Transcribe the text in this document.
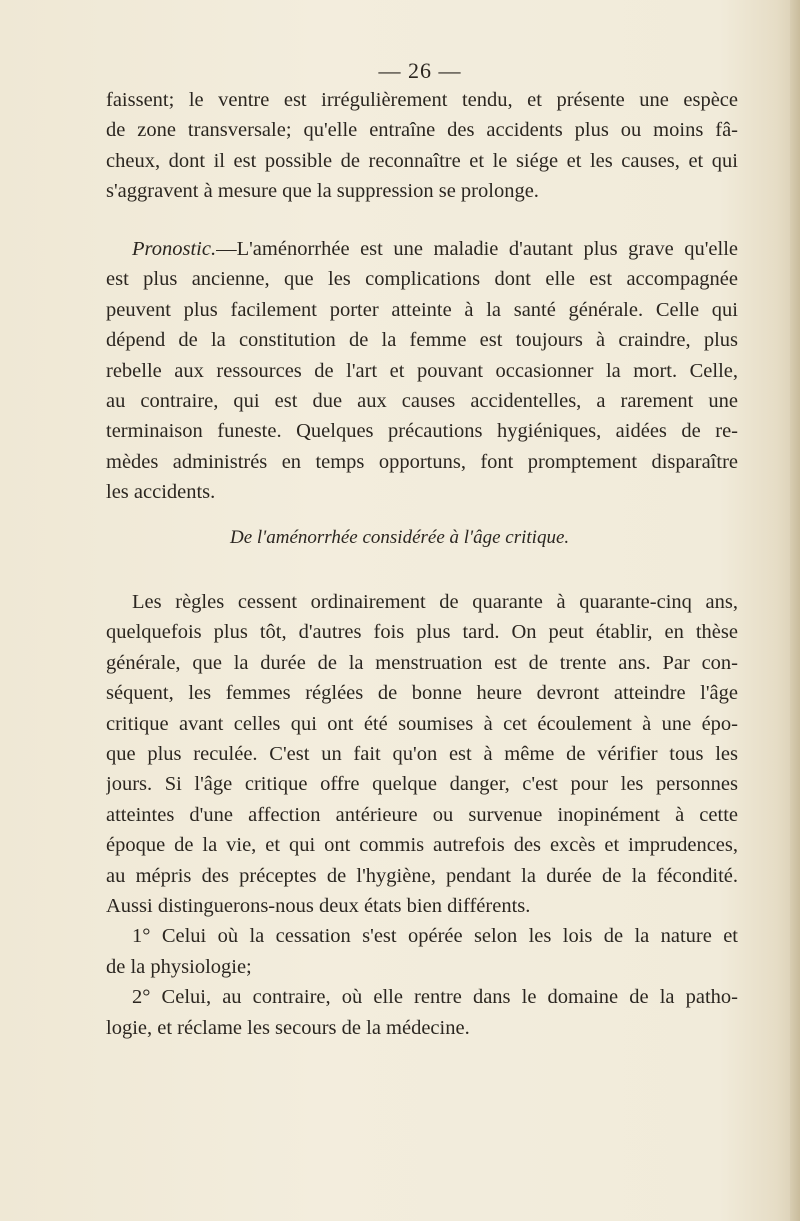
— 26 —
faissent; le ventre est irrégulièrement tendu, et présente une espèce
de zone transversale; qu'elle entraîne des accidents plus ou moins fâ-
cheux, dont il est possible de reconnaître et le siége et les causes, et qui
s'aggravent à mesure que la suppression se prolonge.
Pronostic.—L'aménorrhée est une maladie d'autant plus grave qu'elle
est plus ancienne, que les complications dont elle est accompagnée
peuvent plus facilement porter atteinte à la santé générale. Celle qui
dépend de la constitution de la femme est toujours à craindre, plus
rebelle aux ressources de l'art et pouvant occasionner la mort. Celle,
au contraire, qui est due aux causes accidentelles, a rarement une
terminaison funeste. Quelques précautions hygiéniques, aidées de re-
mèdes administrés en temps opportuns, font promptement disparaître
les accidents.
De l'aménorrhée considérée à l'âge critique.
Les règles cessent ordinairement de quarante à quarante-cinq ans,
quelquefois plus tôt, d'autres fois plus tard. On peut établir, en thèse
générale, que la durée de la menstruation est de trente ans. Par con-
séquent, les femmes réglées de bonne heure devront atteindre l'âge
critique avant celles qui ont été soumises à cet écoulement à une épo-
que plus reculée. C'est un fait qu'on est à même de vérifier tous les
jours. Si l'âge critique offre quelque danger, c'est pour les personnes
atteintes d'une affection antérieure ou survenue inopinément à cette
époque de la vie, et qui ont commis autrefois des excès et imprudences,
au mépris des préceptes de l'hygiène, pendant la durée de la fécondité.
Aussi distinguerons-nous deux états bien différents.
1° Celui où la cessation s'est opérée selon les lois de la nature et
de la physiologie;
2° Celui, au contraire, où elle rentre dans le domaine de la patho-
logie, et réclame les secours de la médecine.
